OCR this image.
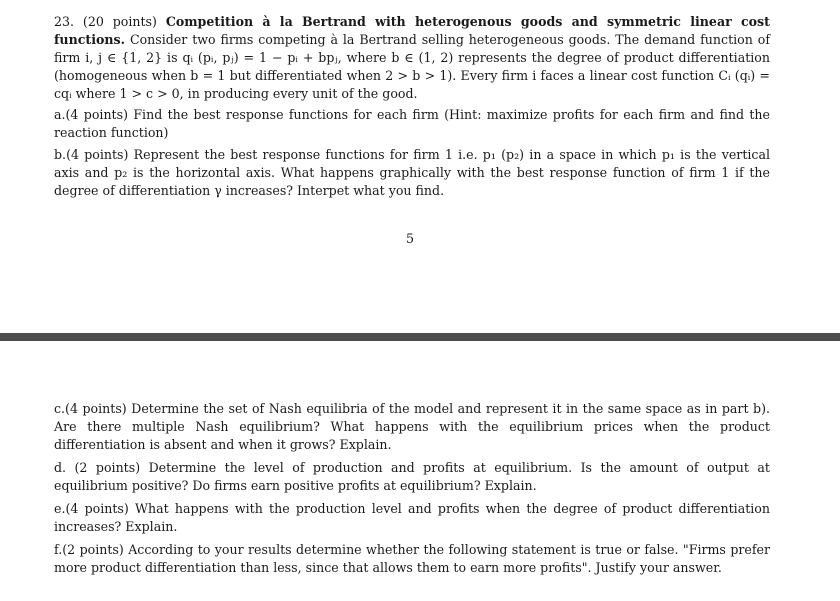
23. (20 points) Competition à la Bertrand with heterogenous goods and symmetric linear cost functions. Consider two firms competing à la Bertrand selling heterogeneous goods. The demand function of firm i, j ∈ {1, 2} is qᵢ (pᵢ, pⱼ) = 1 − pᵢ + bpⱼ, where b ∈ (1, 2) represents the degree of product differentiation (homogeneous when b = 1 but differentiated when 2 > b > 1). Every firm i faces a linear cost function Cᵢ (qᵢ) = cqᵢ where 1 > c > 0, in producing every unit of the good.

a.(4 points) Find the best response functions for each firm (Hint: maximize profits for each firm and find the reaction function)

b.(4 points) Represent the best response functions for firm 1 i.e. p₁ (p₂) in a space in which p₁ is the vertical axis and p₂ is the horizontal axis. What happens graphically with the best response function of firm 1 if the degree of differentiation γ increases? Interpet what you find.

5

c.(4 points) Determine the set of Nash equilibria of the model and represent it in the same space as in part b). Are there multiple Nash equilibrium? What happens with the equilibrium prices when the product differentiation is absent and when it grows? Explain.

d. (2 points) Determine the level of production and profits at equilibrium. Is the amount of output at equilibrium positive? Do firms earn positive profits at equilibrium? Explain.

e.(4 points) What happens with the production level and profits when the degree of product differentiation increases? Explain.

f.(2 points) According to your results determine whether the following statement is true or false. "Firms prefer more product differentiation than less, since that allows them to earn more profits". Justify your answer.
